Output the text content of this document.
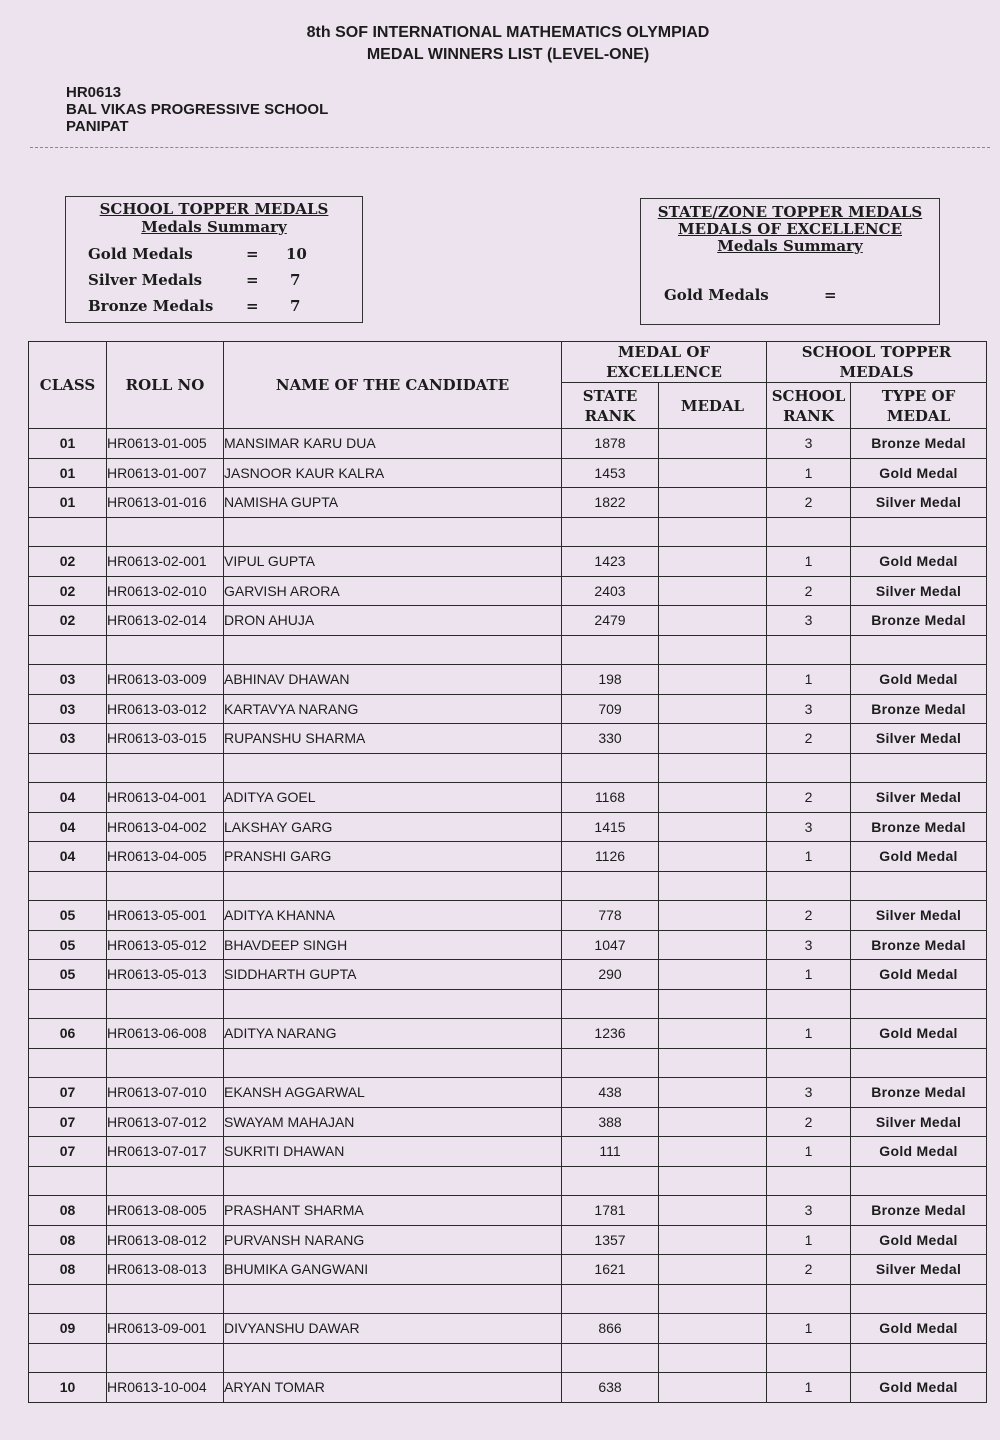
8th SOF INTERNATIONAL MATHEMATICS OLYMPIAD
MEDAL WINNERS LIST (LEVEL-ONE)
HR0613
BAL VIKAS PROGRESSIVE SCHOOL
PANIPAT
SCHOOL TOPPER MEDALS
Medals Summary
Gold Medals	= 10
Silver Medals	= 7
Bronze Medals = 7
STATE/ZONE TOPPER MEDALS
MEDALS OF EXCELLENCE
Medals Summary
Gold Medals	=
CLASS	ROLL NO	NAME OF THE CANDIDATE	MEDAL OF EXCELLENCE		SCHOOL TOPPER MEDALS	
			STATE RANK	MEDAL	SCHOOL RANK	TYPE OF MEDAL
01	HR0613-01-005	MANSIMAR KARU DUA	1878		3	Bronze Medal
01	HR0613-01-007	JASNOOR KAUR KALRA	1453		1	Gold Medal
01	HR0613-01-016	NAMISHA GUPTA	1822		2	Silver Medal

02	HR0613-02-001	VIPUL GUPTA	1423		1	Gold Medal
02	HR0613-02-010	GARVISH ARORA	2403		2	Silver Medal
02	HR0613-02-014	DRON AHUJA	2479		3	Bronze Medal

03	HR0613-03-009	ABHINAV DHAWAN	198		1	Gold Medal
03	HR0613-03-012	KARTAVYA NARANG	709		3	Bronze Medal
03	HR0613-03-015	RUPANSHU SHARMA	330		2	Silver Medal

04	HR0613-04-001	ADITYA GOEL	1168		2	Silver Medal
04	HR0613-04-002	LAKSHAY GARG	1415		3	Bronze Medal
04	HR0613-04-005	PRANSHI GARG	1126		1	Gold Medal

05	HR0613-05-001	ADITYA KHANNA	778		2	Silver Medal
05	HR0613-05-012	BHAVDEEP SINGH	1047		3	Bronze Medal
05	HR0613-05-013	SIDDHARTH GUPTA	290		1	Gold Medal

06	HR0613-06-008	ADITYA NARANG	1236		1	Gold Medal

07	HR0613-07-010	EKANSH AGGARWAL	438		3	Bronze Medal
07	HR0613-07-012	SWAYAM MAHAJAN	388		2	Silver Medal
07	HR0613-07-017	SUKRITI DHAWAN	111		1	Gold Medal

08	HR0613-08-005	PRASHANT SHARMA	1781		3	Bronze Medal
08	HR0613-08-012	PURVANSH NARANG	1357		1	Gold Medal
08	HR0613-08-013	BHUMIKA GANGWANI	1621		2	Silver Medal

09	HR0613-09-001	DIVYANSHU DAWAR	866		1	Gold Medal

10	HR0613-10-004	ARYAN TOMAR	638		1	Gold Medal
